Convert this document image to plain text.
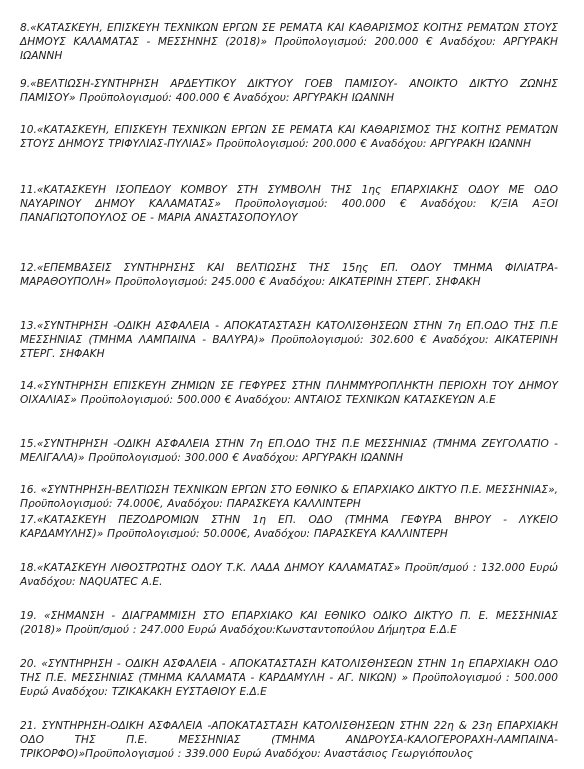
8.«ΚΑΤΑΣΚΕΥΗ, ΕΠΙΣΚΕΥΗ ΤΕΧΝΙΚΩΝ ΕΡΓΩΝ ΣΕ ΡΕΜΑΤΑ ΚΑΙ ΚΑΘΑΡΙΣΜΟΣ ΚΟΙΤΗΣ ΡΕΜΑΤΩΝ ΣΤΟΥΣ ΔΗΜΟΥΣ ΚΑΛΑΜΑΤΑΣ - ΜΕΣΣΗΝΗΣ (2018)» Προϋπολογισμού: 200.000 € Αναδόχου: ΑΡΓΥΡΑΚΗ ΙΩΑΝΝΗ

9.«ΒΕΛΤΙΩΣΗ-ΣΥΝΤΗΡΗΣΗ ΑΡΔΕΥΤΙΚΟΥ ΔΙΚΤΥΟΥ ΓΟΕΒ ΠΑΜΙΣΟΥ- ΑΝΟΙΚΤΟ ΔΙΚΤΥΟ ΖΩΝΗΣ ΠΑΜΙΣΟΥ» Προϋπολογισμού: 400.000 € Αναδόχου: ΑΡΓΥΡΑΚΗ ΙΩΑΝΝΗ

10.«ΚΑΤΑΣΚΕΥΗ, ΕΠΙΣΚΕΥΗ ΤΕΧΝΙΚΩΝ ΕΡΓΩΝ ΣΕ ΡΕΜΑΤΑ ΚΑΙ ΚΑΘΑΡΙΣΜΟΣ ΤΗΣ ΚΟΙΤΗΣ ΡΕΜΑΤΩΝ ΣΤΟΥΣ ΔΗΜΟΥΣ ΤΡΙΦΥΛΙΑΣ-ΠΥΛΙΑΣ» Προϋπολογισμού: 200.000 € Αναδόχου: ΑΡΓΥΡΑΚΗ ΙΩΑΝΝΗ

11.«ΚΑΤΑΣΚΕΥΗ ΙΣΟΠΕΔΟΥ ΚΟΜΒΟΥ ΣΤΗ ΣΥΜΒΟΛΗ ΤΗΣ 1ης ΕΠΑΡΧΙΑΚΗΣ ΟΔΟΥ ΜΕ ΟΔΟ ΝΑΥΑΡΙΝΟΥ ΔΗΜΟΥ ΚΑΛΑΜΑΤΑΣ» Προϋπολογισμού: 400.000 € Αναδόχου: Κ/ΞΙΑ ΑΞΟΙ ΠΑΝΑΓΙΩΤΟΠΟΥΛΟΣ ΟΕ - ΜΑΡΙΑ ΑΝΑΣΤΑΣΟΠΟΥΛΟΥ

12.«ΕΠΕΜΒΑΣΕΙΣ ΣΥΝΤΗΡΗΣΗΣ ΚΑΙ ΒΕΛΤΙΩΣΗΣ ΤΗΣ 15ης ΕΠ. ΟΔΟΥ ΤΜΗΜΑ ΦΙΛΙΑΤΡΑ-ΜΑΡΑΘΟΥΠΟΛΗ» Προϋπολογισμού: 245.000 € Αναδόχου: ΑΙΚΑΤΕΡΙΝΗ ΣΤΕΡΓ. ΣΗΦΑΚΗ

13.«ΣΥΝΤΗΡΗΣΗ -ΟΔΙΚΗ ΑΣΦΑΛΕΙΑ - ΑΠΟΚΑΤΑΣΤΑΣΗ ΚΑΤΟΛΙΣΘΗΣΕΩΝ ΣΤΗΝ 7η ΕΠ.ΟΔΟ ΤΗΣ Π.Ε ΜΕΣΣΗΝΙΑΣ (ΤΜΗΜΑ ΛΑΜΠΑΙΝΑ - ΒΑΛΥΡΑ)» Προϋπολογισμού: 302.600 € Αναδόχου: ΑΙΚΑΤΕΡΙΝΗ ΣΤΕΡΓ. ΣΗΦΑΚΗ

14.«ΣΥΝΤΗΡΗΣΗ ΕΠΙΣΚΕΥΗ ΖΗΜΙΩΝ ΣΕ ΓΕΦΥΡΕΣ ΣΤΗΝ ΠΛΗΜΜΥΡΟΠΛΗΚΤΗ ΠΕΡΙΟΧΗ ΤΟΥ ΔΗΜΟΥ ΟΙΧΑΛΙΑΣ» Προϋπολογισμού: 500.000 € Αναδόχου: ΑΝΤΑΙΟΣ ΤΕΧΝΙΚΩΝ ΚΑΤΑΣΚΕΥΩΝ Α.Ε

15.«ΣΥΝΤΗΡΗΣΗ -ΟΔΙΚΗ ΑΣΦΑΛΕΙΑ ΣΤΗΝ 7η ΕΠ.ΟΔΟ ΤΗΣ Π.Ε ΜΕΣΣΗΝΙΑΣ (ΤΜΗΜΑ ΖΕΥΓΟΛΑΤΙΟ - ΜΕΛΙΓΑΛΑ)» Προϋπολογισμού: 300.000 € Αναδόχου: ΑΡΓΥΡΑΚΗ ΙΩΑΝΝΗ

16. «ΣΥΝΤΗΡΗΣΗ-ΒΕΛΤΙΩΣΗ ΤΕΧΝΙΚΩΝ ΕΡΓΩΝ ΣΤΟ ΕΘΝΙΚΟ & ΕΠΑΡΧΙΑΚΟ ΔΙΚΤΥΟ Π.Ε. ΜΕΣΣΗΝΙΑΣ», Προϋπολογισμού: 74.000€, Αναδόχου: ΠΑΡΑΣΚΕΥΑ ΚΑΛΛΙΝΤΕΡΗ

17.«ΚΑΤΑΣΚΕΥΗ ΠΕΖΟΔΡΟΜΙΩΝ ΣΤΗΝ 1η ΕΠ. ΟΔΟ (ΤΜΗΜΑ ΓΕΦΥΡΑ ΒΗΡΟΥ - ΛΥΚΕΙΟ ΚΑΡΔΑΜΥΛΗΣ)» Προϋπολογισμού: 50.000€, Αναδόχου: ΠΑΡΑΣΚΕΥΑ ΚΑΛΛΙΝΤΕΡΗ

18.«ΚΑΤΑΣΚΕΥΗ ΛΙΘΟΣΤΡΩΤΗΣ ΟΔΟΥ Τ.Κ. ΛΑΔΑ ΔΗΜΟΥ ΚΑΛΑΜΑΤΑΣ» Προϋπ/σμού : 132.000 Ευρώ Αναδόχου: NAQUATEC A.E.

19. «ΣΗΜΑΝΣΗ - ΔΙΑΓΡΑΜΜΙΣΗ ΣΤΟ ΕΠΑΡΧΙΑΚΟ ΚΑΙ ΕΘΝΙΚΟ ΟΔΙΚΟ ΔΙΚΤΥΟ Π. Ε. ΜΕΣΣΗΝΙΑΣ (2018)» Προϋπ/σμού : 247.000 Ευρώ Αναδόχου:Κωνσταντοπούλου Δήμητρα Ε.Δ.Ε

20. «ΣΥΝΤΗΡΗΣΗ - ΟΔΙΚΗ ΑΣΦΑΛΕΙΑ - ΑΠΟΚΑΤΑΣΤΑΣΗ ΚΑΤΟΛΙΣΘΗΣΕΩΝ ΣΤΗΝ 1η ΕΠΑΡΧΙΑΚΗ ΟΔΟ ΤΗΣ Π.Ε. ΜΕΣΣΗΝΙΑΣ (ΤΜΗΜΑ ΚΑΛΑΜΑΤΑ - ΚΑΡΔΑΜΥΛΗ - ΑΓ. ΝΙΚΩΝ) » Προϋπολογισμού : 500.000 Ευρώ Αναδόχου: ΤΖΙΚΑΚΑΚΗ ΕΥΣΤΑΘΙΟΥ Ε.Δ.Ε

21. ΣΥΝΤΗΡΗΣΗ-ΟΔΙΚΗ ΑΣΦΑΛΕΙΑ -ΑΠΟΚΑΤΑΣΤΑΣΗ ΚΑΤΟΛΙΣΘΗΣΕΩΝ ΣΤΗΝ 22η & 23η ΕΠΑΡΧΙΑΚΗ ΟΔΟ ΤΗΣ Π.Ε. ΜΕΣΣΗΝΙΑΣ (ΤΜΗΜΑ ΑΝΔΡΟΥΣΑ-ΚΑΛΟΓΕΡΟΡΑΧΗ-ΛΑΜΠΑΙΝΑ-ΤΡΙΚΟΡΦΟ)»Προϋπολογισμού : 339.000 Ευρώ Αναδόχου: Αναστάσιος Γεωργιόπουλος
